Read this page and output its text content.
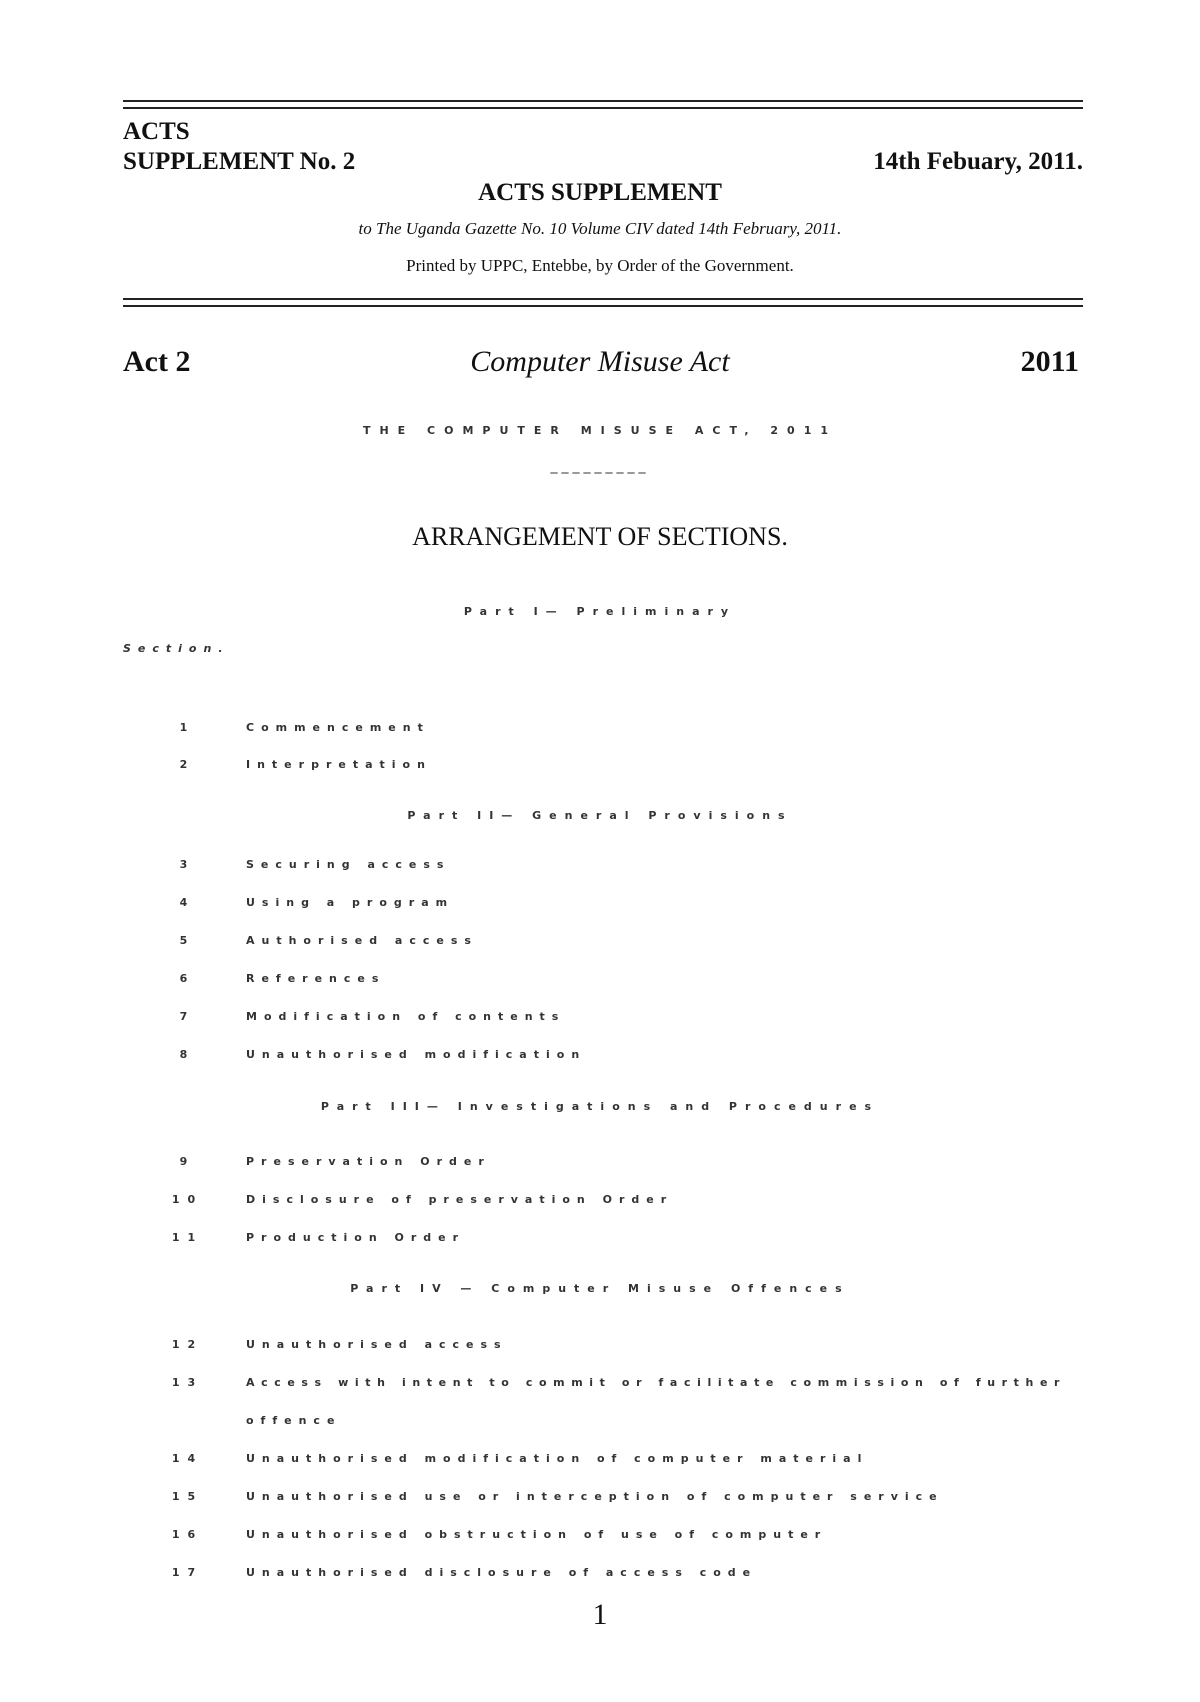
ACTS
SUPPLEMENT No. 2	14th Febuary, 2011.
ACTS SUPPLEMENT
to The Uganda Gazette No. 10 Volume CIV dated 14th February, 2011.
Printed by UPPC, Entebbe, by Order of the Government.
Act 2	Computer Misuse Act	2011
THE COMPUTER MISUSE ACT, 2011
_________
ARRANGEMENT OF SECTIONS.
Part I— Preliminary
Section.
1	Commencement
2	Interpretation
Part II— General Provisions
3	Securing access
4	Using a program
5	Authorised access
6	References
7	Modification of contents
8	Unauthorised modification
Part III— Investigations and Procedures
9	Preservation Order
10	Disclosure of preservation Order
11	Production Order
Part IV — Computer Misuse Offences
12	Unauthorised access
13	Access with intent to commit or facilitate commission of further
offence
14	Unauthorised modification of computer material
15	Unauthorised use or interception of computer service
16	Unauthorised obstruction of use of computer
17	Unauthorised disclosure of access code
1
